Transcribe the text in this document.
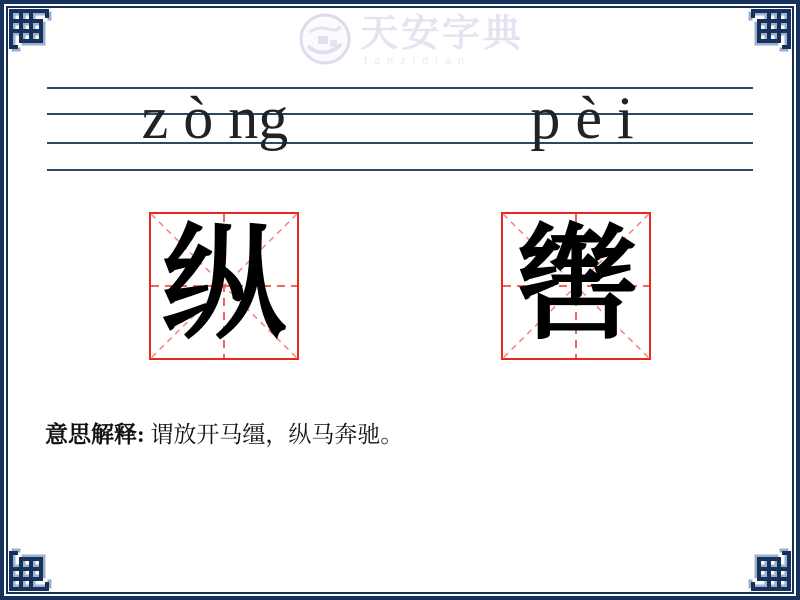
天安字典
tanzidian
z ò ng	p è i
纵 辔
意思解释: 谓放开马缰，纵马奔驰。
